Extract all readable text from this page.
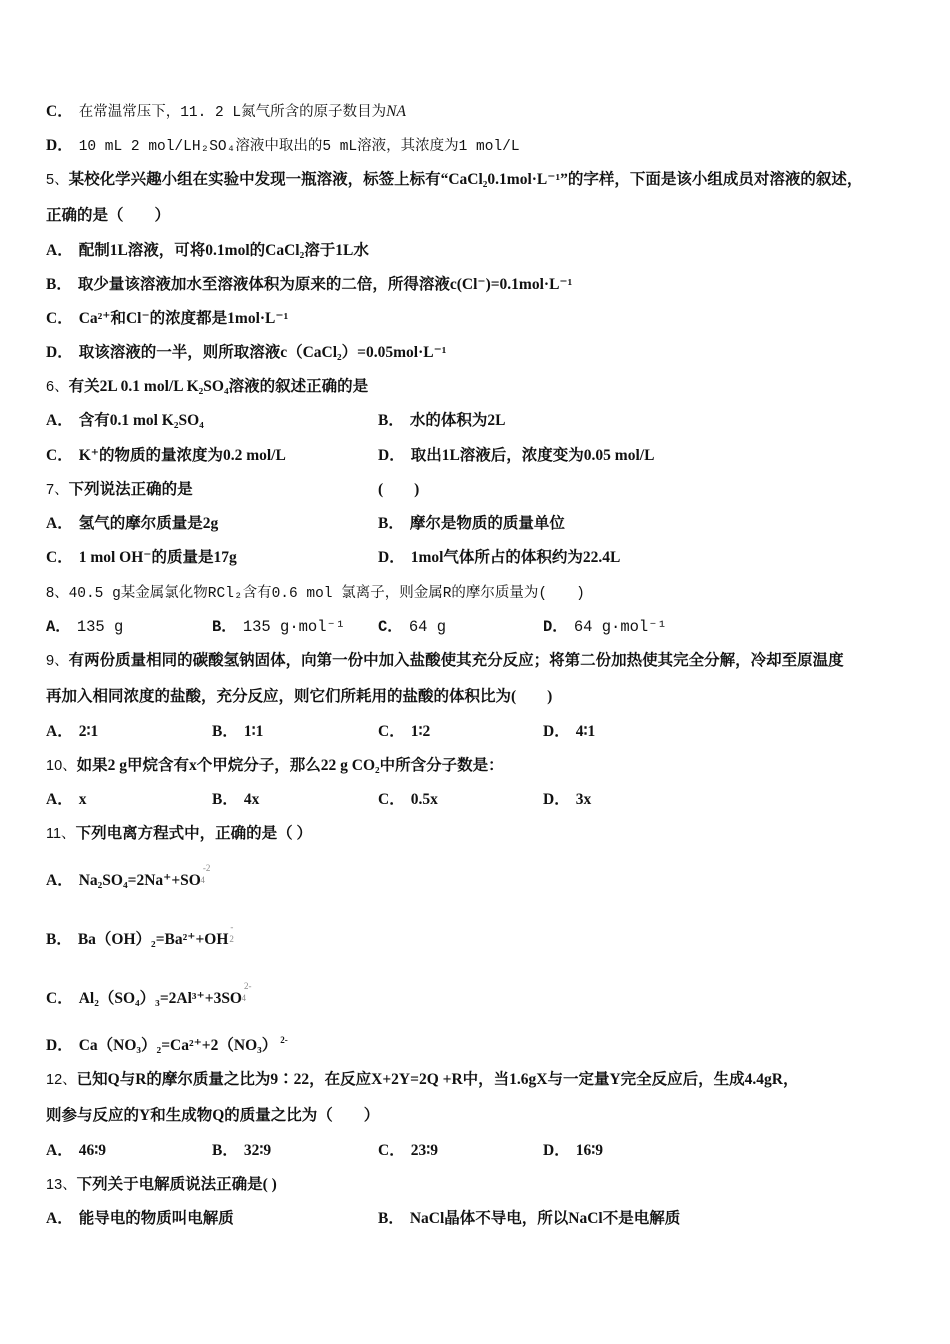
C． 在常温常压下，11. 2 L氮气所含的原子数目为NA
D． 10 mL 2 mol/LH₂SO₄溶液中取出的5 mL溶液，其浓度为1 mol/L
5、某校化学兴趣小组在实验中发现一瓶溶液，标签上标有“CaCl₂0.1mol·L⁻¹”的字样，下面是该小组成员对溶液的叙述，
正确的是（　　）
A． 配制1L溶液，可将0.1mol的CaCl₂溶于1L水
B． 取少量该溶液加水至溶液体积为原来的二倍，所得溶液c(Cl⁻)=0.1mol·L⁻¹
C． Ca²⁺和Cl⁻的浓度都是1mol·L⁻¹
D． 取该溶液的一半，则所取溶液c（CaCl₂）=0.05mol·L⁻¹
6、有关2L 0.1 mol/L K₂SO₄溶液的叙述正确的是
A． 含有0.1 mol K₂SO₄	B． 水的体积为2L
C． K⁺的物质的量浓度为0.2 mol/L	D． 取出1L溶液后，浓度变为0.05 mol/L
7、下列说法正确的是	(　　)
A． 氢气的摩尔质量是2g	B． 摩尔是物质的质量单位
C． 1 mol OH⁻的质量是17g	D． 1mol气体所占的体积约为22.4L
8、40.5 g某金属氯化物RCl₂含有0.6 mol 氯离子，则金属R的摩尔质量为(　　)
A． 135 g	B． 135 g·mol⁻¹ C． 64 g	D． 64 g·mol⁻¹
9、有两份质量相同的碳酸氢钠固体，向第一份中加入盐酸使其充分反应；将第二份加热使其完全分解，冷却至原温度
再加入相同浓度的盐酸，充分反应，则它们所耗用的盐酸的体积比为(　　)
A． 2∶1	B． 1∶1	C． 1∶2	D． 4∶1
10、如果2 g甲烷含有x个甲烷分子，那么22 g CO₂中所含分子数是：
A． x	B． 4x	C． 0.5x	D． 3x
11、下列电离方程式中，正确的是（ ）
A． $Na_2SO_4=2Na^++SO^{-2}4$
B． Ba（OH）₂=Ba²⁺+OH-2
C． $Al_2(SO_4)_3=2Al^{3+}+3SO^{2-}4$
D． Ca（NO₃）₂=Ca²⁺+2（NO₃） $^{2-}$
12、已知Q与R的摩尔质量之比为9∶22，在反应X+2Y=2Q +R中，当1.6gX与一定量Y完全反应后，生成4.4gR，
则参与反应的Y和生成物Q的质量之比为（　　）
A． 46∶9	B． 32∶9	C． 23∶9	D． 16∶9
13、下列关于电解质说法正确是( )
A． 能导电的物质叫电解质	B． NaCl晶体不导电，所以NaCl不是电解质
